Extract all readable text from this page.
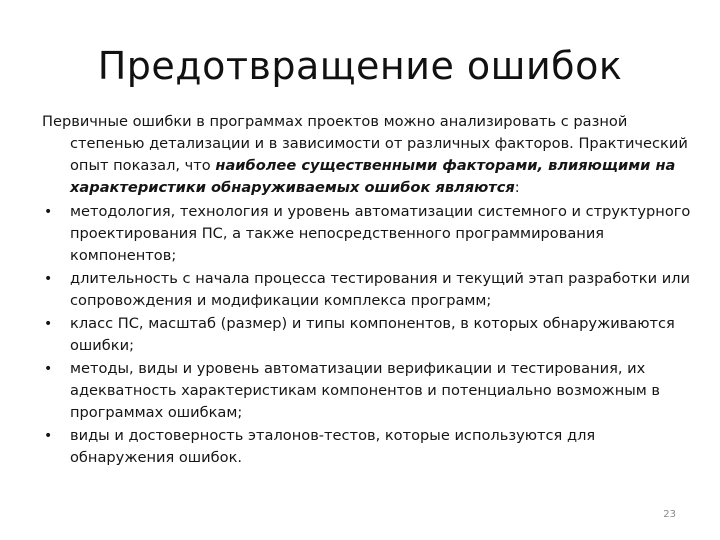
Предотвращение ошибок

Первичные ошибки в программах проектов можно анализировать с разной степенью детализации и в зависимости от различных факторов. Практический опыт показал, что наиболее существенными факторами, влияющими на характеристики обнаруживаемых ошибок являются:

• методология, технология и уровень автоматизации системного и структурного проектирования ПС, а также непосредственного программирования компонентов;
• длительность с начала процесса тестирования и текущий этап разработки или сопровождения и модификации комплекса программ;
• класс ПС, масштаб (размер) и типы компонентов, в которых обнаруживаются ошибки;
• методы, виды и уровень автоматизации верификации и тестирования, их адекватность характеристикам компонентов и потенциально возможным в программах ошибкам;
• виды и достоверность эталонов-тестов, которые используются для обнаружения ошибок.
23
